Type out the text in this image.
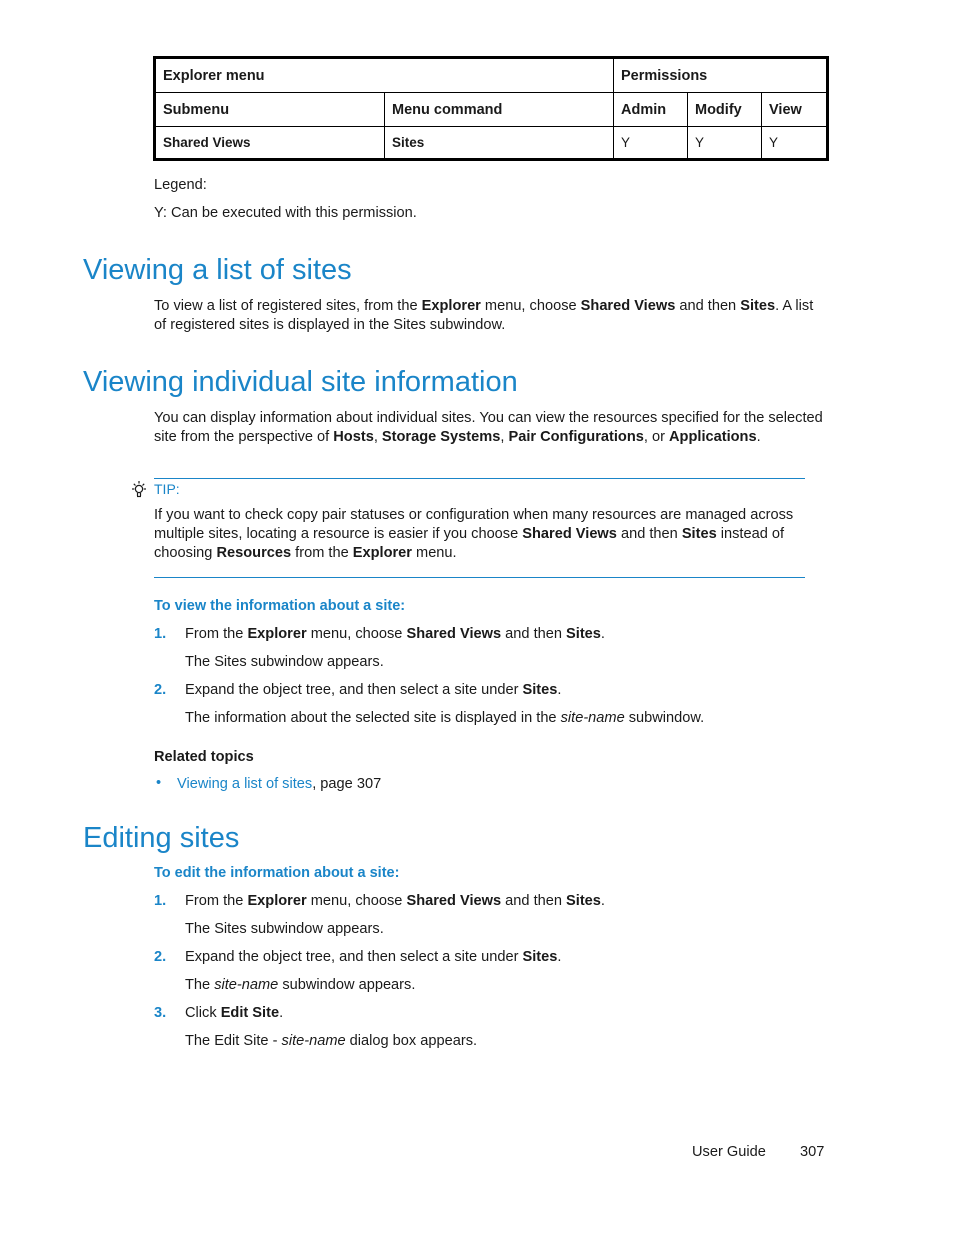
Explorer menu		Permissions		
Submenu	Menu command	Admin	Modify	View
Shared Views	Sites	Y	Y	Y
Legend:
Y: Can be executed with this permission.
Viewing a list of sites
To view a list of registered sites, from the Explorer menu, choose Shared Views and then Sites. A list of registered sites is displayed in the Sites subwindow.
Viewing individual site information
You can display information about individual sites. You can view the resources specified for the selected site from the perspective of Hosts, Storage Systems, Pair Configurations, or Applications.
TIP:
If you want to check copy pair statuses or configuration when many resources are managed across multiple sites, locating a resource is easier if you choose Shared Views and then Sites instead of choosing Resources from the Explorer menu.
To view the information about a site:
1. From the Explorer menu, choose Shared Views and then Sites.
The Sites subwindow appears.
2. Expand the object tree, and then select a site under Sites.
The information about the selected site is displayed in the site-name subwindow.
Related topics
• Viewing a list of sites, page 307
Editing sites
To edit the information about a site:
1. From the Explorer menu, choose Shared Views and then Sites.
The Sites subwindow appears.
2. Expand the object tree, and then select a site under Sites.
The site-name subwindow appears.
3. Click Edit Site.
The Edit Site - site-name dialog box appears.
User Guide 307
